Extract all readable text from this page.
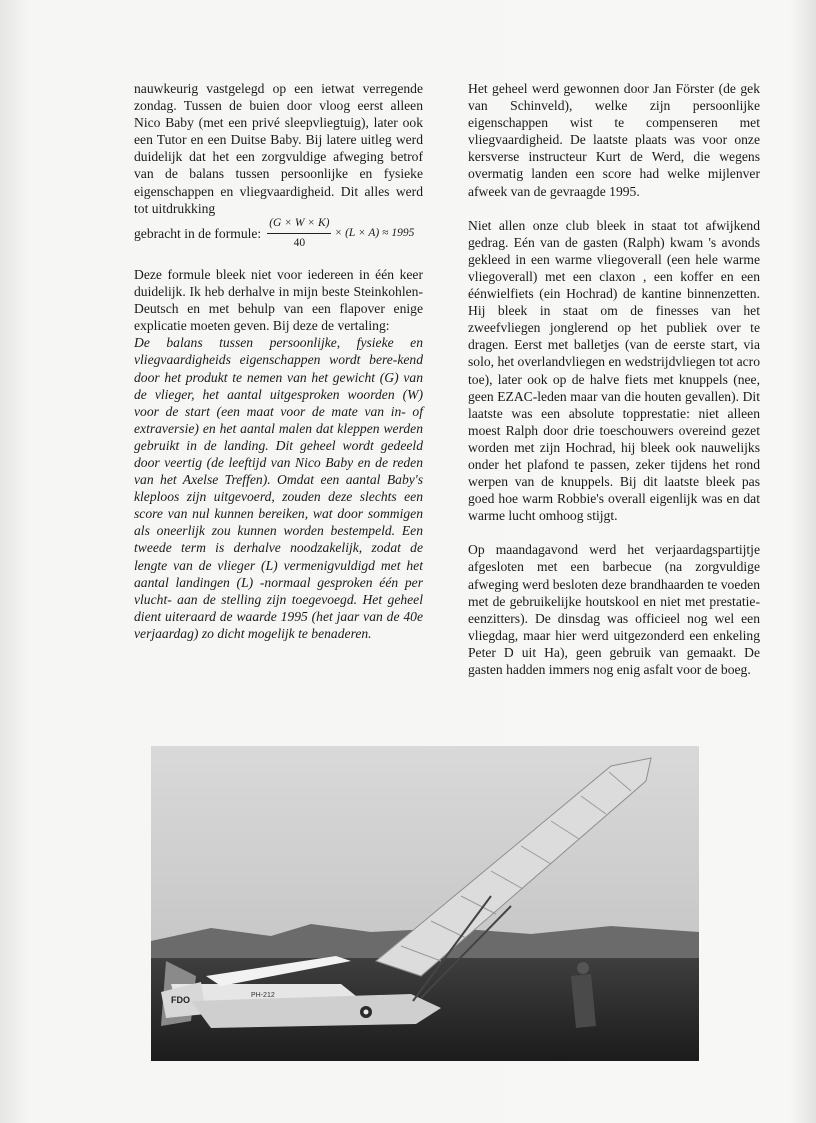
nauwkeurig vastgelegd op een ietwat verregende zondag. Tussen de buien door vloog eerst alleen Nico Baby (met een privé sleepvliegtuig), later ook een Tutor en een Duitse Baby. Bij latere uitleg werd duidelijk dat het een zorgvuldige afweging betrof van de balans tussen persoonlijke en fysieke eigenschappen en vliegvaardigheid. Dit alles werd tot uitdrukking

gebracht in de formule: $\frac{(G \times W \times K)}{40} \times (L \times A) \approx 1995$

Deze formule bleek niet voor iedereen in één keer duidelijk. Ik heb derhalve in mijn beste Steinkohlen-Deutsch en met behulp van een flapover enige explicatie moeten geven. Bij deze de vertaling:

De balans tussen persoonlijke, fysieke en vliegvaardigheids eigenschappen wordt bere-kend door het produkt te nemen van het gewicht (G) van de vlieger, het aantal uitgesproken woorden (W) voor de start (een maat voor de mate van in- of extraversie) en het aantal malen dat kleppen werden gebruikt in de landing. Dit geheel wordt gedeeld door veertig (de leeftijd van Nico Baby en de reden van het Axelse Treffen). Omdat een aantal Baby's kleploos zijn uitgevoerd, zouden deze slechts een score van nul kunnen bereiken, wat door sommigen als oneerlijk zou kunnen worden bestempeld. Een tweede term is derhalve noodzakelijk, zodat de lengte van de vlieger (L) vermenigvuldigd met het aantal landingen (L) -normaal gesproken één per vlucht- aan de stelling zijn toegevoegd. Het geheel dient uiteraard de waarde 1995 (het jaar van de 40e verjaardag) zo dicht mogelijk te benaderen.

Het geheel werd gewonnen door Jan Förster (de gek van Schinveld), welke zijn persoonlijke eigenschappen wist te compenseren met vliegvaardigheid. De laatste plaats was voor onze kersverse instructeur Kurt de Werd, die wegens overmatig landen een score had welke mijlenver afweek van de gevraagde 1995.

Niet allen onze club bleek in staat tot afwijkend gedrag. Eén van de gasten (Ralph) kwam 's avonds gekleed in een warme vliegoverall (een hele warme vliegoverall) met een claxon , een koffer en een éénwielfiets (ein Hochrad) de kantine binnenzetten. Hij bleek in staat om de finesses van het zweefvliegen jonglerend op het publiek over te dragen. Eerst met balletjes (van de eerste start, via solo, het overlandvliegen en wedstrijdvliegen tot acro toe), later ook op de halve fiets met knuppels (nee, geen EZAC-leden maar van die houten gevallen). Dit laatste was een absolute topprestatie: niet alleen moest Ralph door drie toeschouwers overeind gezet worden met zijn Hochrad, hij bleek ook nauwelijks onder het plafond te passen, zeker tijdens het rond werpen van de knuppels. Bij dit laatste bleek pas goed hoe warm Robbie's overall eigenlijk was en dat warme lucht omhoog stijgt.

Op maandagavond werd het verjaardagspartijtje afgesloten met een barbecue (na zorgvuldige afweging werd besloten deze brandhaarden te voeden met de gebruikelijke houtskool en niet met prestatie-eenzitters). De dinsdag was officieel nog wel een vliegdag, maar hier werd uitgezonderd een enkeling Peter D uit Ha), geen gebruik van gemaakt. De gasten hadden immers nog enig asfalt voor de boeg.

PH-212
FDO
